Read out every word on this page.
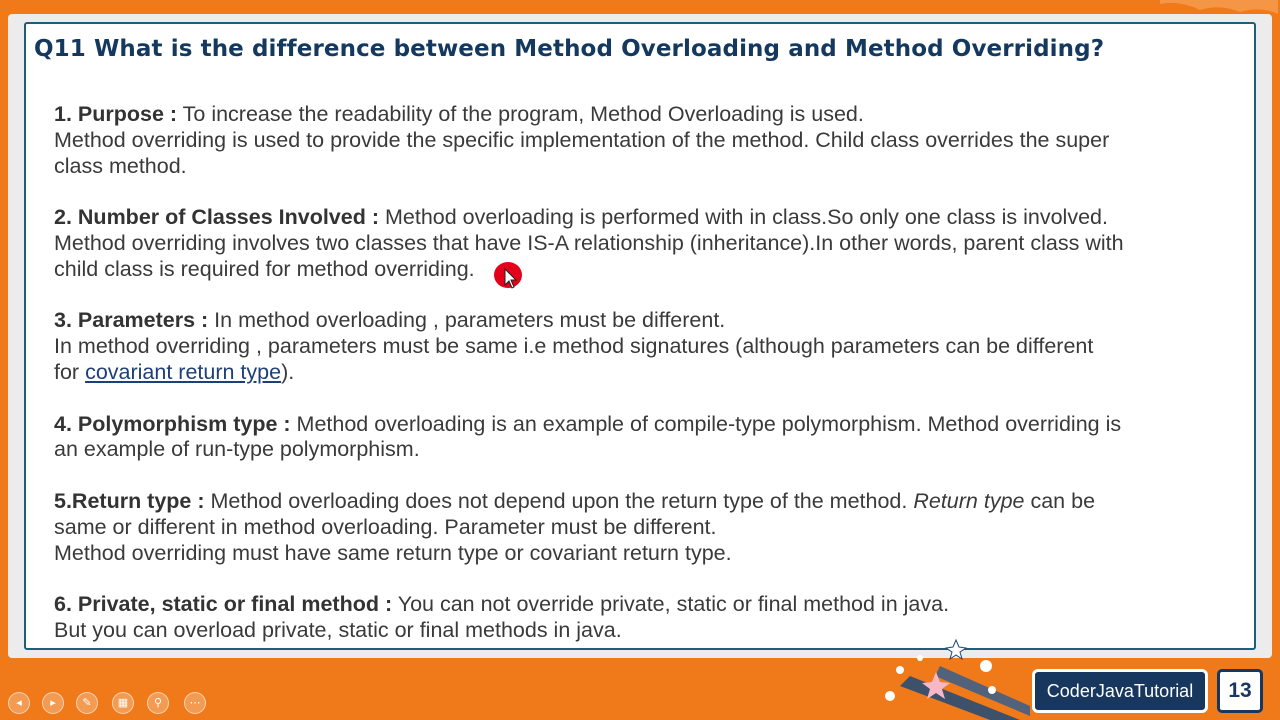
Q11 What is the difference between Method Overloading and Method Overriding?
1. Purpose : To increase the readability of the program, Method Overloading is used.
Method overriding is used to provide the specific implementation of the method. Child class overrides the super
class method.
2. Number of Classes Involved : Method overloading is performed with in class.So only one class is involved.
Method overriding involves two classes that have IS-A relationship (inheritance).In other words, parent class with
child class is required for method overriding.
3. Parameters : In method overloading , parameters must be different.
In method overriding , parameters must be same i.e method signatures (although parameters can be different
for covariant return type).
4. Polymorphism type : Method overloading is an example of compile-type polymorphism. Method overriding is
an example of run-type polymorphism.
5.Return type : Method overloading does not depend upon the return type of the method. Return type can be
same or different in method overloading. Parameter must be different.
Method overriding must have same return type or covariant return type.
6. Private, static or final method : You can not override private, static or final method in java.
But you can overload private, static or final methods in java.
◂	▸	✎	▦	⚲	⋯
CoderJavaTutorial	13
